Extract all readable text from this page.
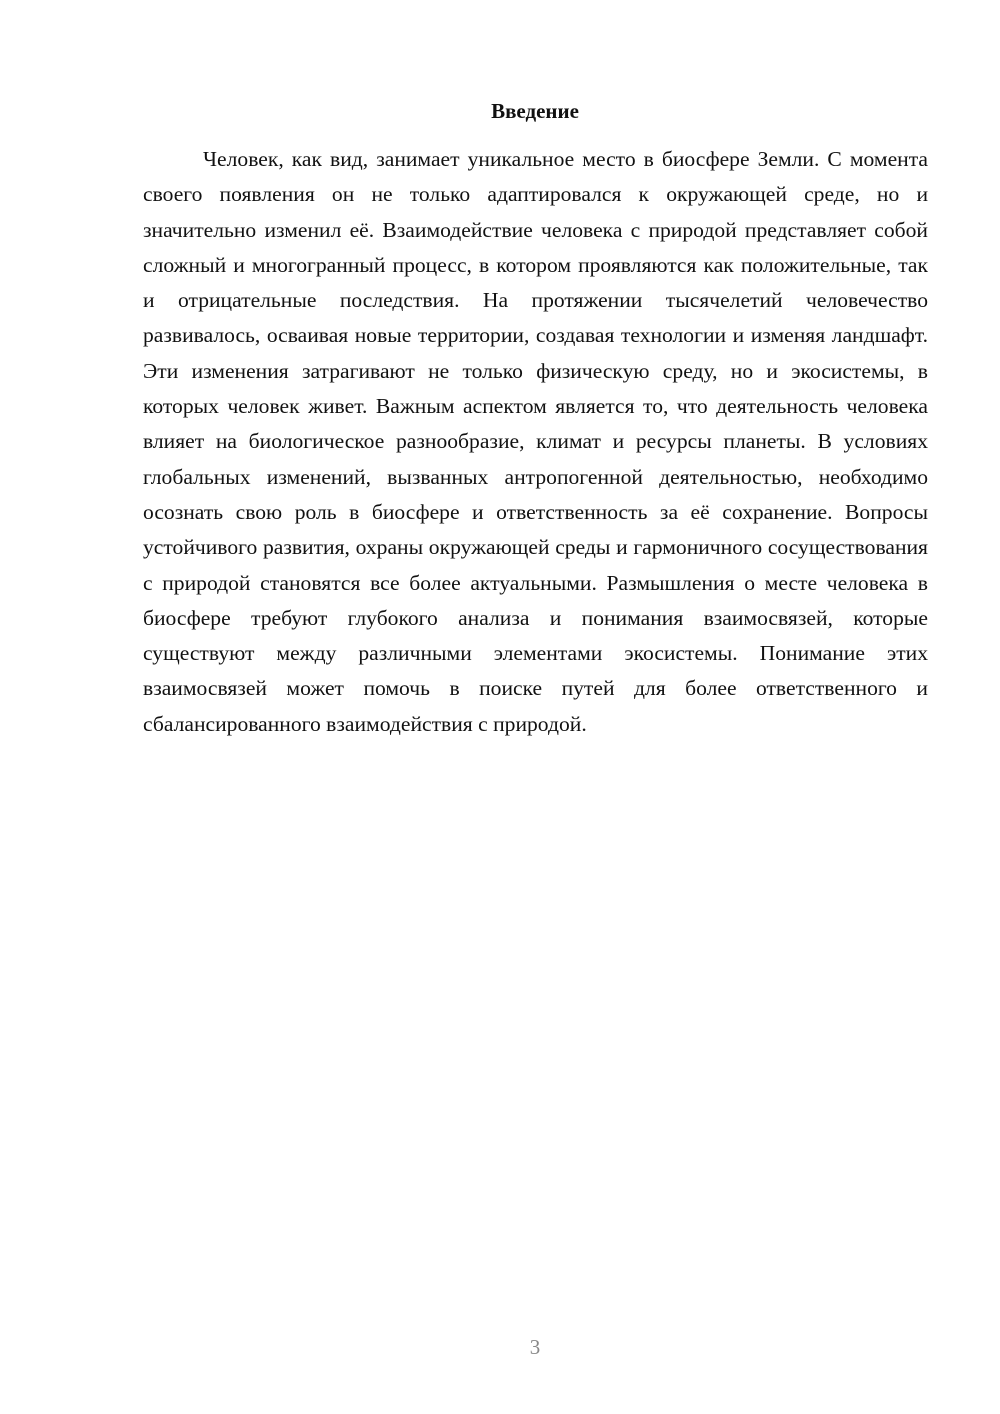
Введение

Человек, как вид, занимает уникальное место в биосфере Земли. С момента своего появления он не только адаптировался к окружающей среде, но и значительно изменил её. Взаимодействие человека с природой представляет собой сложный и многогранный процесс, в котором проявляются как положительные, так и отрицательные последствия. На протяжении тысячелетий человечество развивалось, осваивая новые территории, создавая технологии и изменяя ландшафт. Эти изменения затрагивают не только физическую среду, но и экосистемы, в которых человек живет. Важным аспектом является то, что деятельность человека влияет на биологическое разнообразие, климат и ресурсы планеты. В условиях глобальных изменений, вызванных антропогенной деятельностью, необходимо осознать свою роль в биосфере и ответственность за её сохранение. Вопросы устойчивого развития, охраны окружающей среды и гармоничного сосуществования с природой становятся все более актуальными. Размышления о месте человека в биосфере требуют глубокого анализа и понимания взаимосвязей, которые существуют между различными элементами экосистемы. Понимание этих взаимосвязей может помочь в поиске путей для более ответственного и сбалансированного взаимодействия с природой.

3
